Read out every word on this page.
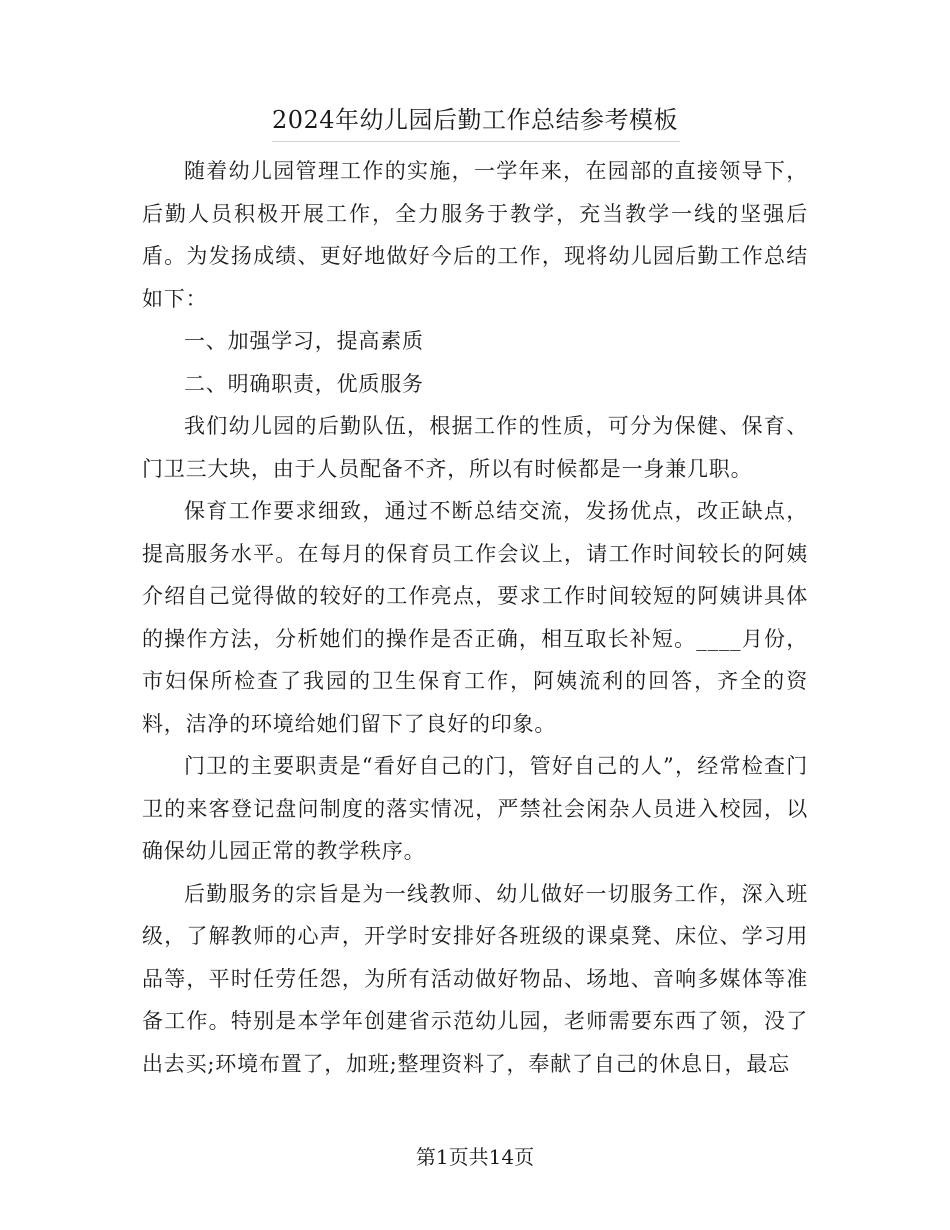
2024年幼儿园后勤工作总结参考模板

随着幼儿园管理工作的实施，一学年来，在园部的直接领导下，后勤人员积极开展工作，全力服务于教学，充当教学一线的坚强后盾。为发扬成绩、更好地做好今后的工作，现将幼儿园后勤工作总结如下：

一、加强学习，提高素质

二、明确职责，优质服务

我们幼儿园的后勤队伍，根据工作的性质，可分为保健、保育、门卫三大块，由于人员配备不齐，所以有时候都是一身兼几职。

保育工作要求细致，通过不断总结交流，发扬优点，改正缺点，提高服务水平。在每月的保育员工作会议上，请工作时间较长的阿姨介绍自己觉得做的较好的工作亮点，要求工作时间较短的阿姨讲具体的操作方法，分析她们的操作是否正确，相互取长补短。____月份，市妇保所检查了我园的卫生保育工作，阿姨流利的回答，齐全的资料，洁净的环境给她们留下了良好的印象。

门卫的主要职责是“看好自己的门，管好自己的人”，经常检查门卫的来客登记盘问制度的落实情况，严禁社会闲杂人员进入校园，以确保幼儿园正常的教学秩序。

后勤服务的宗旨是为一线教师、幼儿做好一切服务工作，深入班级，了解教师的心声，开学时安排好各班级的课桌凳、床位、学习用品等，平时任劳任怨，为所有活动做好物品、场地、音响多媒体等准备工作。特别是本学年创建省示范幼儿园，老师需要东西了领，没了出去买;环境布置了，加班;整理资料了，奉献了自己的休息日，最忘

第1页共14页
